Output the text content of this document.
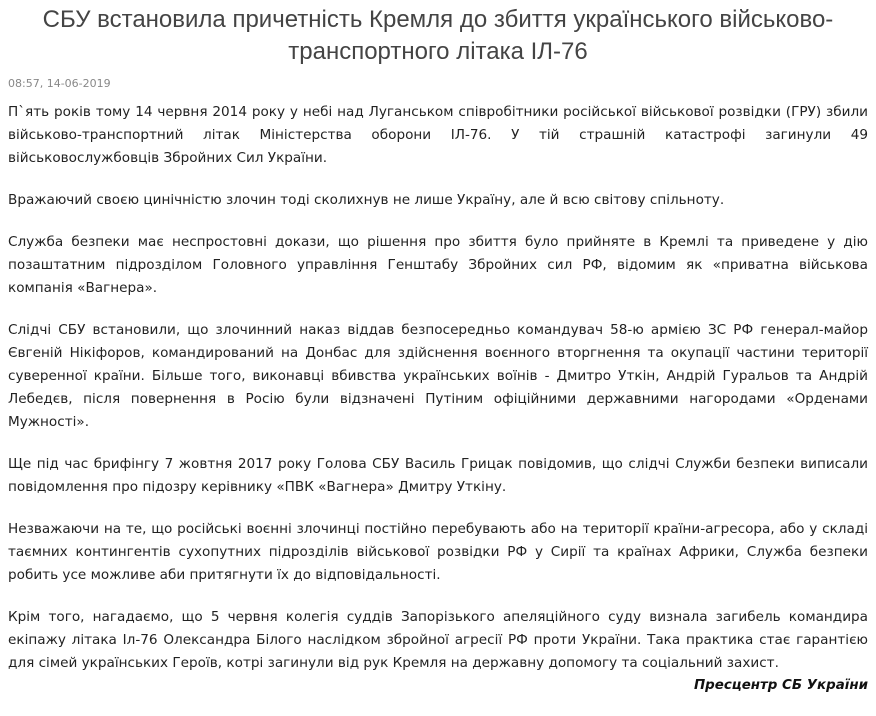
СБУ встановила причетність Кремля до збиття українського військово-транспортного літака ІЛ-76
08:57, 14-06-2019

П`ять років тому 14 червня 2014 року у небі над Луганськом співробітники російської військової розвідки (ГРУ) збили військово-транспортний літак Міністерства оборони ІЛ-76. У тій страшній катастрофі загинули 49 військовослужбовців Збройних Сил України.

Вражаючий своєю цинічністю злочин тоді сколихнув не лише Україну, але й всю світову спільноту.

Служба безпеки має неспростовні докази, що рішення про збиття було прийняте в Кремлі та приведене у дію позаштатним підрозділом Головного управління Генштабу Збройних сил РФ, відомим як «приватна військова компанія «Вагнера».

Слідчі СБУ встановили, що злочинний наказ віддав безпосередньо командувач 58-ю армією ЗС РФ генерал-майор Євгеній Нікіфоров, командирований на Донбас для здійснення воєнного вторгнення та окупації частини території суверенної країни. Більше того, виконавці вбивства українських воїнів - Дмитро Уткін, Андрій Гуральов та Андрій Лебедєв, після повернення в Росію були відзначені Путіним офіційними державними нагородами «Орденами Мужності».

Ще під час брифінгу 7 жовтня 2017 року Голова СБУ Василь Грицак повідомив, що слідчі Служби безпеки виписали повідомлення про підозру керівнику «ПВК «Вагнера» Дмитру Уткіну.

Незважаючи на те, що російські воєнні злочинці постійно перебувають або на території країни-агресора, або у складі таємних контингентів сухопутних підрозділів військової розвідки РФ у Сирії та країнах Африки, Служба безпеки робить усе можливе аби притягнути їх до відповідальності.

Крім того, нагадаємо, що 5 червня колегія суддів Запорізького апеляційного суду визнала загибель командира екіпажу літака Іл-76 Олександра Білого наслідком збройної агресії РФ проти України. Така практика стає гарантією для сімей українських Героїв, котрі загинули від рук Кремля на державну допомогу та соціальний захист.

Пресцентр СБ України
